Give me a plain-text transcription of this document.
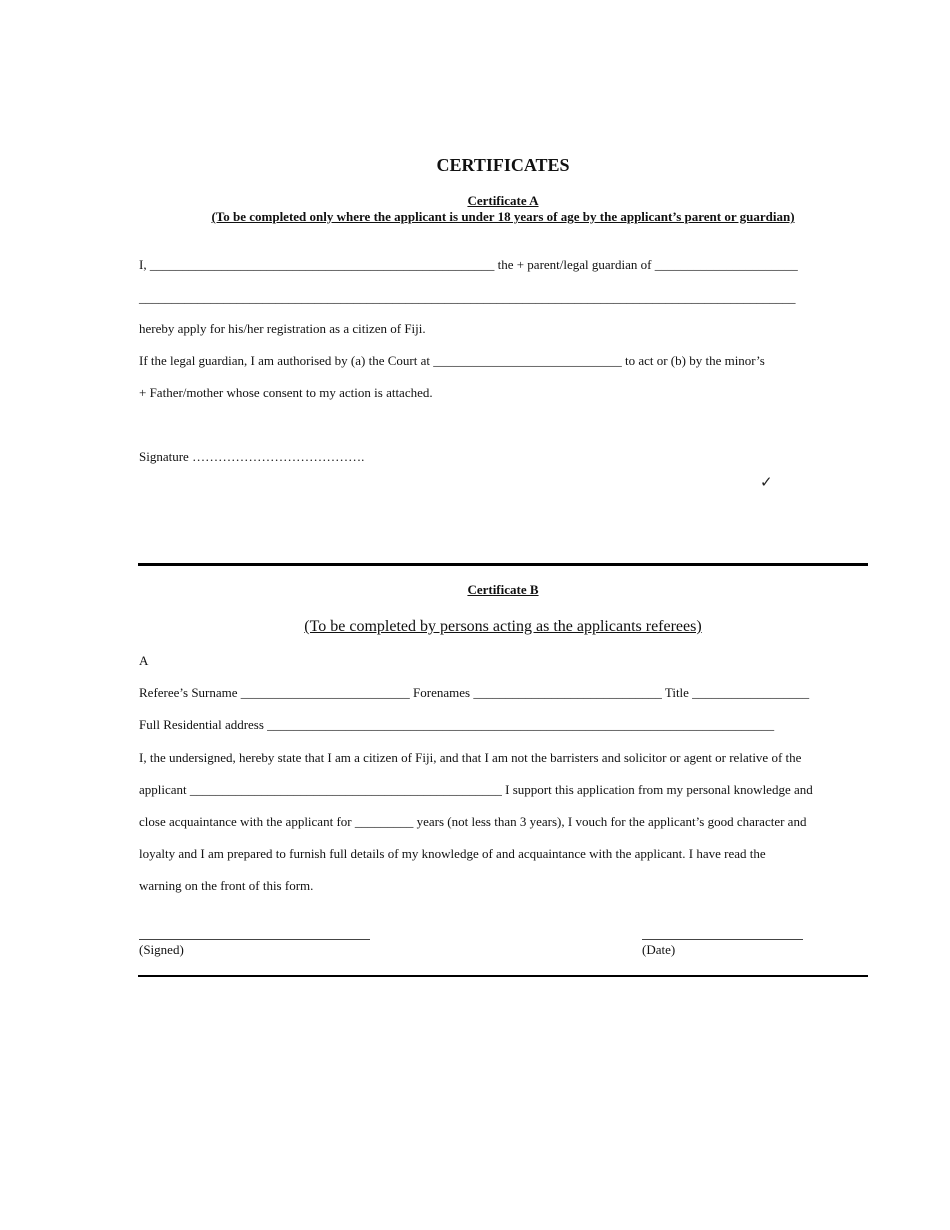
CERTIFICATES
Certificate A
(To be completed only where the applicant is under 18 years of age by the applicant’s parent or guardian)
I, _____________________________________________________ the + parent/legal guardian of ______________________
_____________________________________________________________________________________________________
hereby apply for his/her registration as a citizen of Fiji.
If the legal guardian, I am authorised by (a) the Court at _____________________________ to act or (b) by the minor’s
+ Father/mother whose consent to my action is attached.
Signature ………………………………….
✓
Certificate B
(To be completed by persons acting as the applicants referees)
A
Referee’s Surname __________________________ Forenames _____________________________ Title __________________
Full Residential address ______________________________________________________________________________
I, the undersigned, hereby state that I am a citizen of Fiji, and that I am not the barristers and solicitor or agent or relative of the
applicant ________________________________________________ I support this application from my personal knowledge and
close acquaintance with the applicant for _________ years (not less than 3 years), I vouch for the applicant’s good character and
loyalty and I am prepared to furnish full details of my knowledge of and acquaintance with the applicant. I have read the
warning on the front of this form.
(Signed)	(Date)
